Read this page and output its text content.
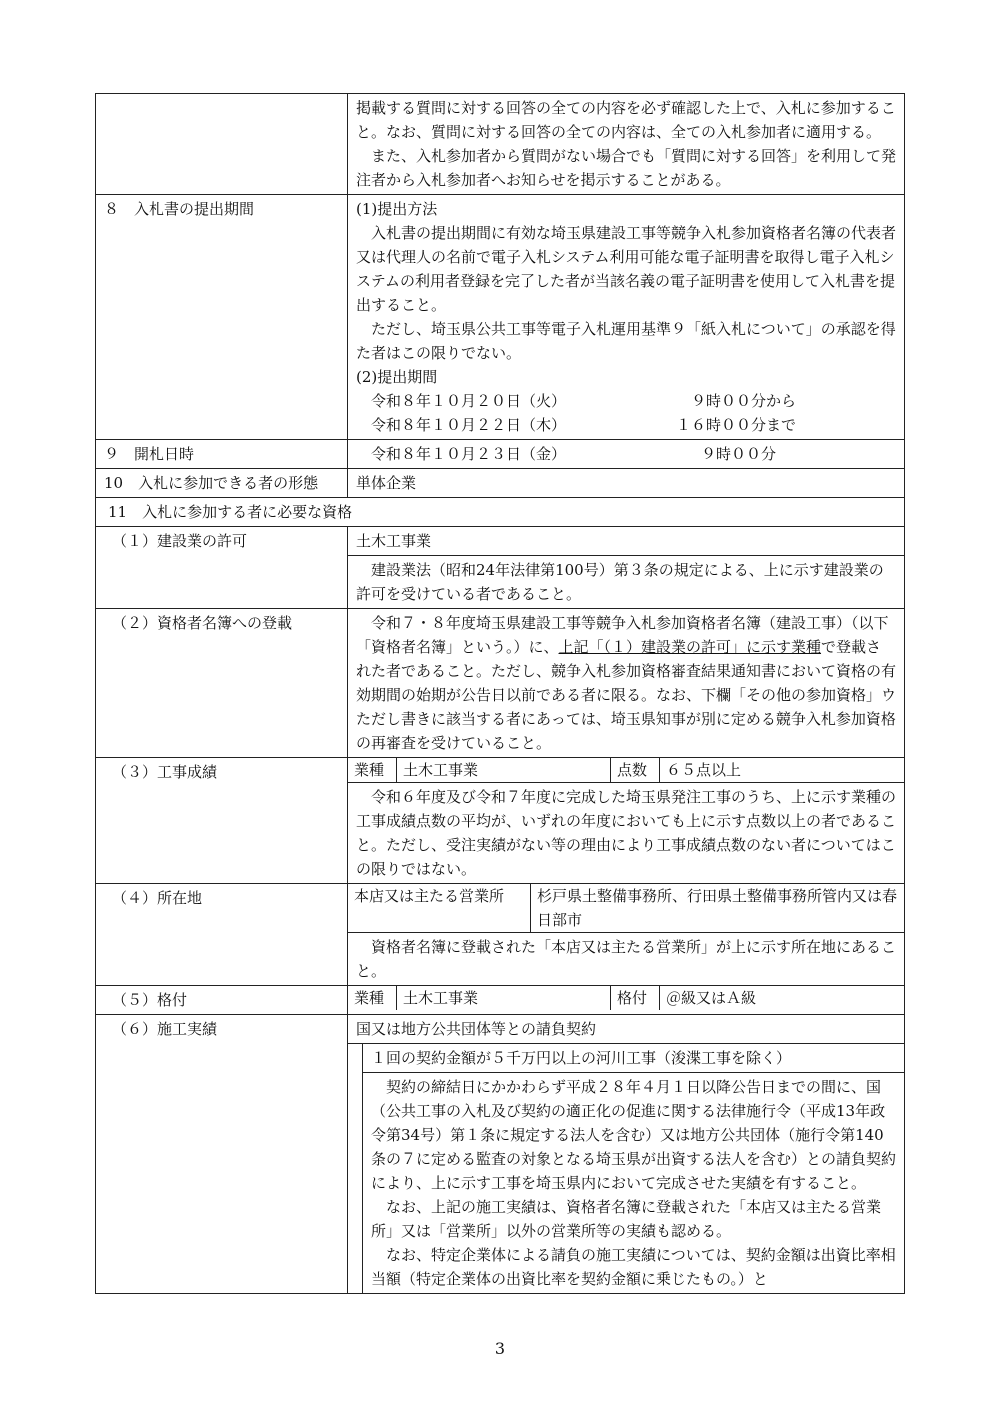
掲載する質問に対する回答の全ての内容を必ず確認した上で、入札に参加すること。なお、質問に対する回答の全ての内容は、全ての入札参加者に適用する。
また、入札参加者から質問がない場合でも「質問に対する回答」を利用して発注者から入札参加者へお知らせを掲示することがある。

８　入札書の提出期間	(1)提出方法
入札書の提出期間に有効な埼玉県建設工事等競争入札参加資格者名簿の代表者又は代理人の名前で電子入札システム利用可能な電子証明書を取得し電子入札システムの利用者登録を完了した者が当該名義の電子証明書を使用して入札書を提出すること。
ただし、埼玉県公共工事等電子入札運用基準９「紙入札について」の承認を得た者はこの限りでない。
(2)提出期間
令和８年１０月２０日（火）	９時００分から
令和８年１０月２２日（木）	１６時００分まで

９　開札日時	令和８年１０月２３日（金）	９時００分

10　入札に参加できる者の形態	単体企業
11　入札に参加する者に必要な資格
（１）建設業の許可	土木工事業
建設業法（昭和24年法律第100号）第３条の規定による、上に示す建設業の許可を受けている者であること。

（２）資格者名簿への登載	令和７・８年度埼玉県建設工事等競争入札参加資格者名簿（建設工事）（以下「資格者名簿」という。）に、上記「（１）建設業の許可」に示す業種で登載された者であること。ただし、競争入札参加資格審査結果通知書において資格の有効期間の始期が公告日以前である者に限る。なお、下欄「その他の参加資格」ウただし書きに該当する者にあっては、埼玉県知事が別に定める競争入札参加資格の再審査を受けていること。

（３）工事成績		業種	土木工事業	点数	６５点以上
令和６年度及び令和７年度に完成した埼玉県発注工事のうち、上に示す業種の工事成績点数の平均が、いずれの年度においても上に示す点数以上の者であること。ただし、受注実績がない等の理由により工事成績点数のない者についてはこの限りではない。

（４）所在地		本店又は主たる営業所	杉戸県土整備事務所、行田県土整備事務所管内又は春日部市
資格者名簿に登載された「本店又は主たる営業所」が上に示す所在地にあること。

（５）格付		業種	土木工事業	格付	＠級又はＡ級

（６）施工実績	国又は地方公共団体等との請負契約
１回の契約金額が５千万円以上の河川工事（浚渫工事を除く）
契約の締結日にかかわらず平成２８年４月１日以降公告日までの間に、国（公共工事の入札及び契約の適正化の促進に関する法律施行令（平成13年政令第34号）第１条に規定する法人を含む）又は地方公共団体（施行令第140条の７に定める監査の対象となる埼玉県が出資する法人を含む）との請負契約により、上に示す工事を埼玉県内において完成させた実績を有すること。
なお、上記の施工実績は、資格者名簿に登載された「本店又は主たる営業所」又は「営業所」以外の営業所等の実績も認める。
なお、特定企業体による請負の施工実績については、契約金額は出資比率相当額（特定企業体の出資比率を契約金額に乗じたもの。）と
3
